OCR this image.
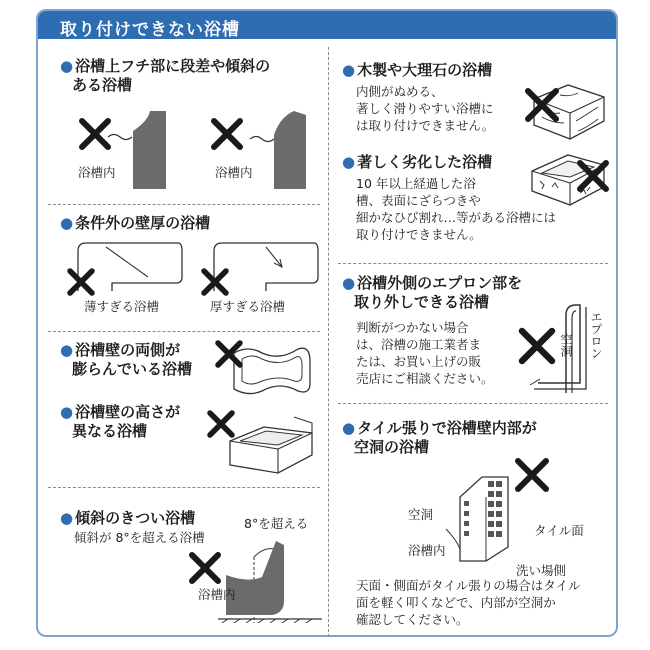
取り付けできない浴槽
● 浴槽上フチ部に段差や傾斜の
ある浴槽
浴槽内	浴槽内
● 条件外の壁厚の浴槽
薄すぎる浴槽	厚すぎる浴槽
● 浴槽壁の両側が
膨らんでいる浴槽
● 浴槽壁の高さが
異なる浴槽
● 傾斜のきつい浴槽
傾斜が 8°を超える浴槽
8°を超える
浴槽内
● 木製や大理石の浴槽
内側がぬめる、
著しく滑りやすい浴槽に
は取り付けできません。
● 著しく劣化した浴槽
10 年以上経過した浴
槽、表面にざらつきや
細かなひび割れ…等がある浴槽には
取り付けできません。
● 浴槽外側のエプロン部を
取り外しできる浴槽
判断がつかない場合
は、浴槽の施工業者ま
たは、お買い上げの販
売店にご相談ください。
空洞 エプロン
● タイル張りで浴槽壁内部が
空洞の浴槽
空洞
タイル面
浴槽内
洗い場側
天面・側面がタイル張りの場合はタイル
面を軽く叩くなどで、内部が空洞か
確認してください。
